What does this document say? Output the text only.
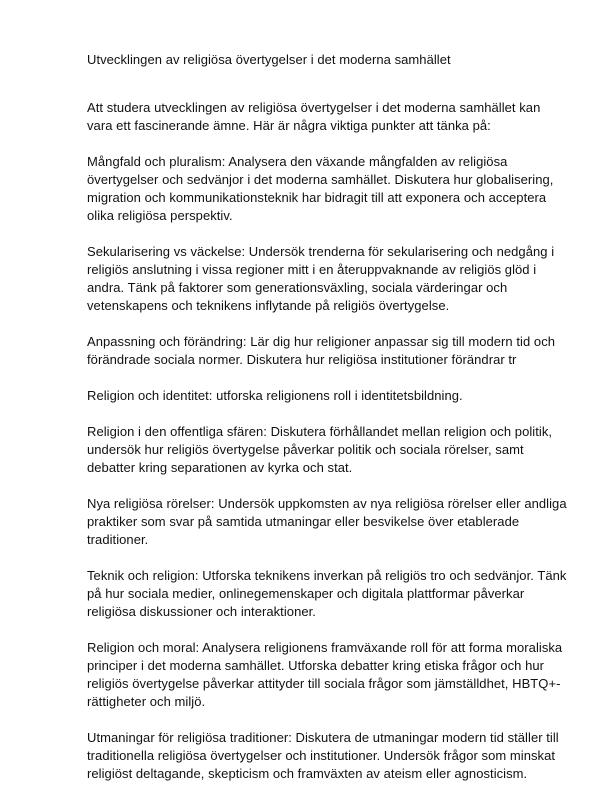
Utvecklingen av religiösa övertygelser i det moderna samhället
Att studera utvecklingen av religiösa övertygelser i det moderna samhället kan vara ett fascinerande ämne. Här är några viktiga punkter att tänka på:
Mångfald och pluralism: Analysera den växande mångfalden av religiösa övertygelser och sedvänjor i det moderna samhället. Diskutera hur globalisering, migration och kommunikationsteknik har bidragit till att exponera och acceptera olika religiösa perspektiv.
Sekularisering vs väckelse: Undersök trenderna för sekularisering och nedgång i religiös anslutning i vissa regioner mitt i en återuppvaknande av religiös glöd i andra. Tänk på faktorer som generationsväxling, sociala värderingar och vetenskapens och teknikens inflytande på religiös övertygelse.
Anpassning och förändring: Lär dig hur religioner anpassar sig till modern tid och förändrade sociala normer. Diskutera hur religiösa institutioner förändrar tr
Religion och identitet: utforska religionens roll i identitetsbildning.
Religion i den offentliga sfären: Diskutera förhållandet mellan religion och politik, undersök hur religiös övertygelse påverkar politik och sociala rörelser, samt debatter kring separationen av kyrka och stat.
Nya religiösa rörelser: Undersök uppkomsten av nya religiösa rörelser eller andliga praktiker som svar på samtida utmaningar eller besvikelse över etablerade traditioner.
Teknik och religion: Utforska teknikens inverkan på religiös tro och sedvänjor. Tänk på hur sociala medier, onlinegemenskaper och digitala plattformar påverkar religiösa diskussioner och interaktioner.
Religion och moral: Analysera religionens framväxande roll för att forma moraliska principer i det moderna samhället. Utforska debatter kring etiska frågor och hur religiös övertygelse påverkar attityder till sociala frågor som jämställdhet, HBTQ+-rättigheter och miljö.
Utmaningar för religiösa traditioner: Diskutera de utmaningar modern tid ställer till traditionella religiösa övertygelser och institutioner. Undersök frågor som minskat religiöst deltagande, skepticism och framväxten av ateism eller agnosticism.
